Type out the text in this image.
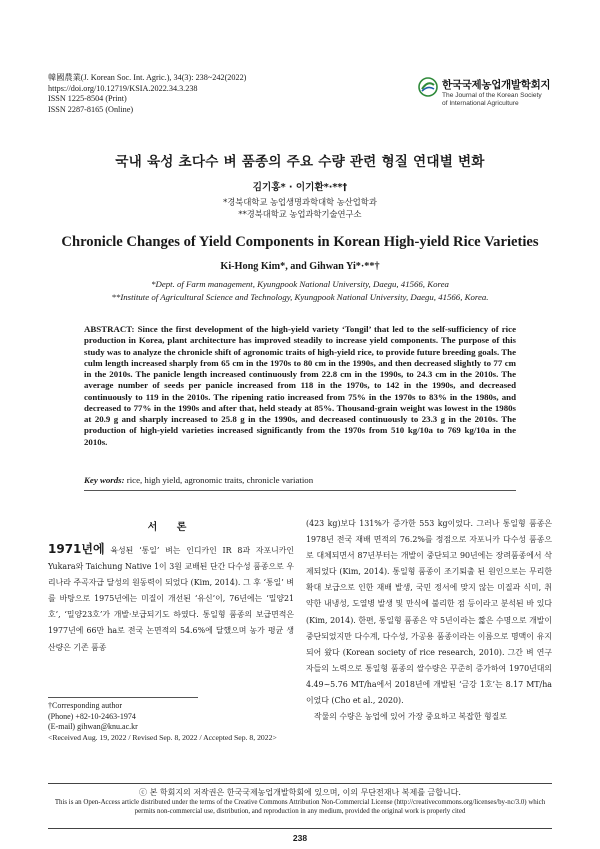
韓國農業(J. Korean Soc. Int. Agric.), 34(3): 238~242(2022)
https://doi.org/10.12719/KSIA.2022.34.3.238
ISSN 1225-8504 (Print)
ISSN 2287-8165 (Online)
한국국제농업개발학회지
The Journal of the Korean Society
of International Agriculture
국내 육성 초다수 벼 품종의 주요 수량 관련 형질 연대별 변화
김기홍* · 이기환*·**†
*경북대학교 농업생명과학대학 농산업학과
**경북대학교 농업과학기술연구소
Chronicle Changes of Yield Components in Korean High-yield Rice Varieties
Ki-Hong Kim*, and Gihwan Yi*·**†
*Dept. of Farm management, Kyungpook National University, Daegu, 41566, Korea
**Institute of Agricultural Science and Technology, Kyungpook National University, Daegu, 41566, Korea.
ABSTRACT: Since the first development of the high-yield variety ‘Tongil’ that led to the self-sufficiency of rice production in Korea, plant architecture has improved steadily to increase yield components. The purpose of this study was to analyze the chronicle shift of agronomic traits of high-yield rice, to provide future breeding goals. The culm length increased sharply from 65 cm in the 1970s to 80 cm in the 1990s, and then decreased slightly to 77 cm in the 2010s. The panicle length increased continuously from 22.8 cm in the 1990s, to 24.3 cm in the 2010s. The average number of seeds per panicle increased from 118 in the 1970s, to 142 in the 1990s, and decreased continuously to 119 in the 2010s. The ripening ratio increased from 75% in the 1970s to 83% in the 1980s, and decreased to 77% in the 1990s and after that, held steady at 85%. Thousand-grain weight was lowest in the 1980s at 20.9 g and sharply increased to 25.8 g in the 1990s, and decreased continuously to 23.3 g in the 2010s. The production of high-yield varieties increased significantly from the 1970s from 510 kg/10a to 769 kg/10a in the 2010s.
Key words: rice, high yield, agronomic traits, chronicle variation
서 론
1971년에 육성된 ‘통일’ 벼는 인디카인 IR 8과 자포니카인 Yukara와 Taichung Native 1이 3원 교배된 단간 다수성 품종으로 우리나라 주곡자급 달성의 원동력이 되었다 (Kim, 2014). 그 후 ‘통일’ 벼를 바탕으로 1975년에는 미질이 개선된 ‘유신’이, 76년에는 ‘밀양21호’, ‘밀양23호’가 개발·보급되기도 하였다. 통일형 품종의 보급면적은 1977년에 66만 ha로 전국 논면적의 54.6%에 달했으며 농가 평균 생산량은 기존 품종
†Corresponding author
(Phone) +82-10-2463-1974
(E-mail) gihwan@knu.ac.kr
<Received Aug. 19, 2022 / Revised Sep. 8, 2022 / Accepted Sep. 8, 2022>
(423 kg)보다 131%가 증가한 553 kg이었다. 그러나 통일형 품종은 1978년 전국 재배 면적의 76.2%를 정점으로 자포니카 다수성 품종으로 대체되면서 87년부터는 개발이 중단되고 90년에는 장려품종에서 삭제되었다 (Kim, 2014). 통일형 품종이 조기퇴출 된 원인으로는 무리한 확대 보급으로 인한 재배 발생, 국민 정서에 맞지 않는 미질과 식미, 취약한 내냉성, 도열병 발생 및 만식에 불리한 점 등이라고 분석된 바 있다 (Kim, 2014). 한편, 통일형 품종은 약 5년이라는 짧은 수명으로 개발이 중단되었지만 다수계, 다수성, 가공용 품종이라는 이름으로 명맥이 유지되어 왔다 (Korean society of rice research, 2010). 그간 벼 연구자들의 노력으로 통일형 품종의 쌀수량은 꾸준히 증가하여 1970년대의 4.49~5.76 MT/ha에서 2018년에 개발된 ‘금강 1호’는 8.17 MT/ha이었다 (Cho et al., 2020).
작물의 수량은 농업에 있어 가장 중요하고 복잡한 형질로
ⓒ 본 학회지의 저작권은 한국국제농업개발학회에 있으며, 이의 무단전재나 복제를 금합니다.
This is an Open-Access article distributed under the terms of the Creative Commons Attribution Non-Commercial License (http://creativecommons.org/licenses/by-nc/3.0) which permits non-commercial use, distribution, and reproduction in any medium, provided the original work is properly cited
238
